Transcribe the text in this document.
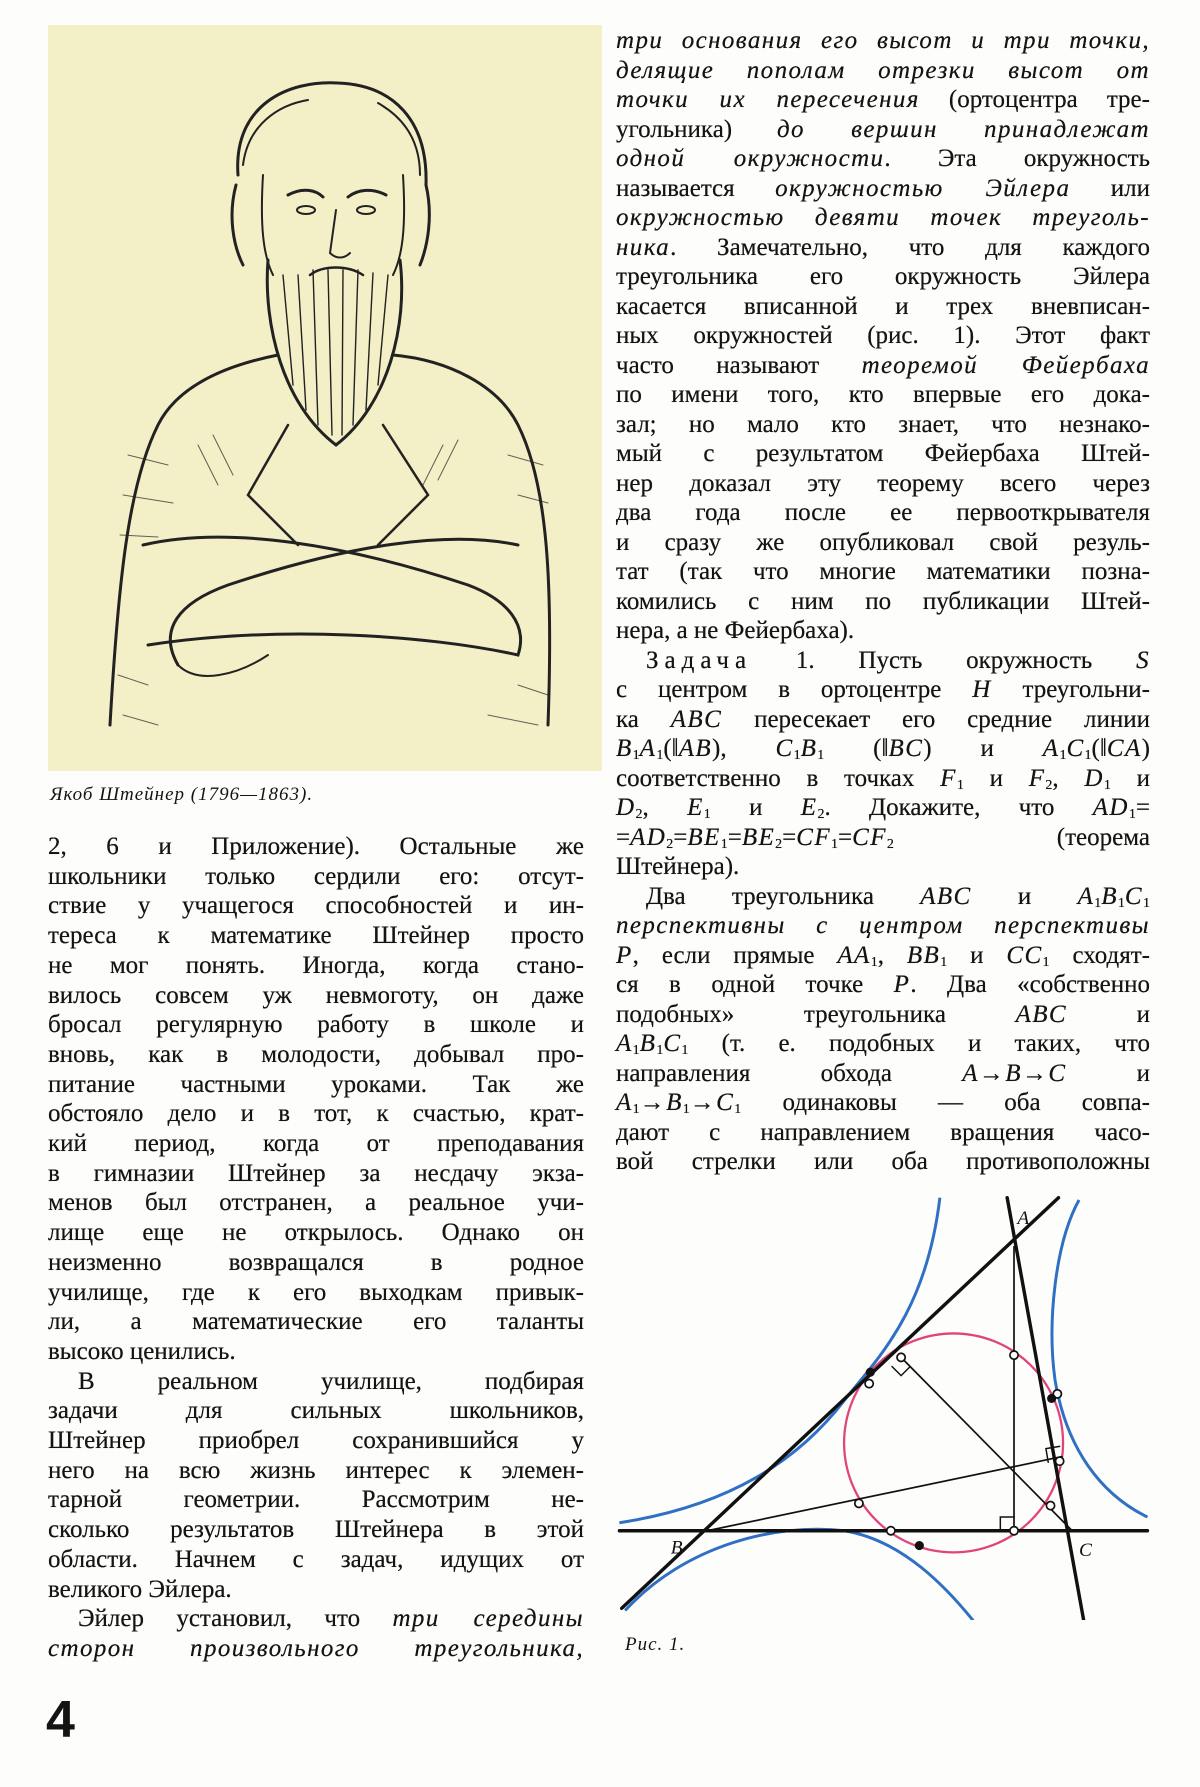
Якоб Штейнер (1796—1863).
2, 6 и Приложение). Остальные же
школьники только сердили его: отсут-
ствие у учащегося способностей и ин-
тереса к математике Штейнер просто
не мог понять. Иногда, когда стано-
вилось совсем уж невмоготу, он даже
бросал регулярную работу в школе и
вновь, как в молодости, добывал про-
питание частными уроками. Так же
обстояло дело и в тот, к счастью, крат-
кий период, когда от преподавания
в гимназии Штейнер за несдачу экза-
менов был отстранен, а реальное учи-
лище еще не открылось. Однако он
неизменно возвращался в родное
училище, где к его выходкам привык-
ли, а математические его таланты
высоко ценились.
В реальном училище, подбирая
задачи для сильных школьников,
Штейнер приобрел сохранившийся у
него на всю жизнь интерес к элемен-
тарной геометрии. Рассмотрим не-
сколько результатов Штейнера в этой
области. Начнем с задач, идущих от
великого Эйлера.
Эйлер установил, что три середины
сторон произвольного треугольника,
три основания его высот и три точки,
делящие пополам отрезки высот от
точки их пересечения (ортоцентра тре-
угольника) до вершин принадлежат
одной окружности. Эта окружность
называется окружностью Эйлера или
окружностью девяти точек треуголь-
ника. Замечательно, что для каждого
треугольника его окружность Эйлера
касается вписанной и трех вневписан-
ных окружностей (рис. 1). Этот факт
часто называют теоремой Фейербаха
по имени того, кто впервые его дока-
зал; но мало кто знает, что незнако-
мый с результатом Фейербаха Штей-
нер доказал эту теорему всего через
два года после ее первооткрывателя
и сразу же опубликовал свой резуль-
тат (так что многие математики позна-
комились с ним по публикации Штей-
нера, а не Фейербаха).
Задача 1. Пусть окружность S
с центром в ортоцентре H треугольни-
ка ABC пересекает его средние линии
$B_1A_1(‖AB)$, $C_1B_1$ (‖BC) и $A_1C_1(‖CA)$
соответственно в точках $F_1$ и $F_2$, $D_1$ и
$D_2$, $E_1$ и $E_2$. Докажите, что $AD_1=$
$=AD_2=BE_1=BE_2=CF_1=CF_2$ (теорема
Штейнера).
Два треугольника ABC и $A_1B_1C_1$
перспективны с центром перспективы
P, если прямые $AA_1$, $BB_1$ и $CC_1$ сходят-
ся в одной точке P. Два «собственно
подобных» треугольника ABC и
$A_1B_1C_1$ (т. е. подобных и таких, что
направления обхода A→B→C и
$A_1\to B_1\to C_1$ одинаковы — оба совпа-
дают с направлением вращения часо-
вой стрелки или оба противоположны
A
B	C
Рис. 1.
4
